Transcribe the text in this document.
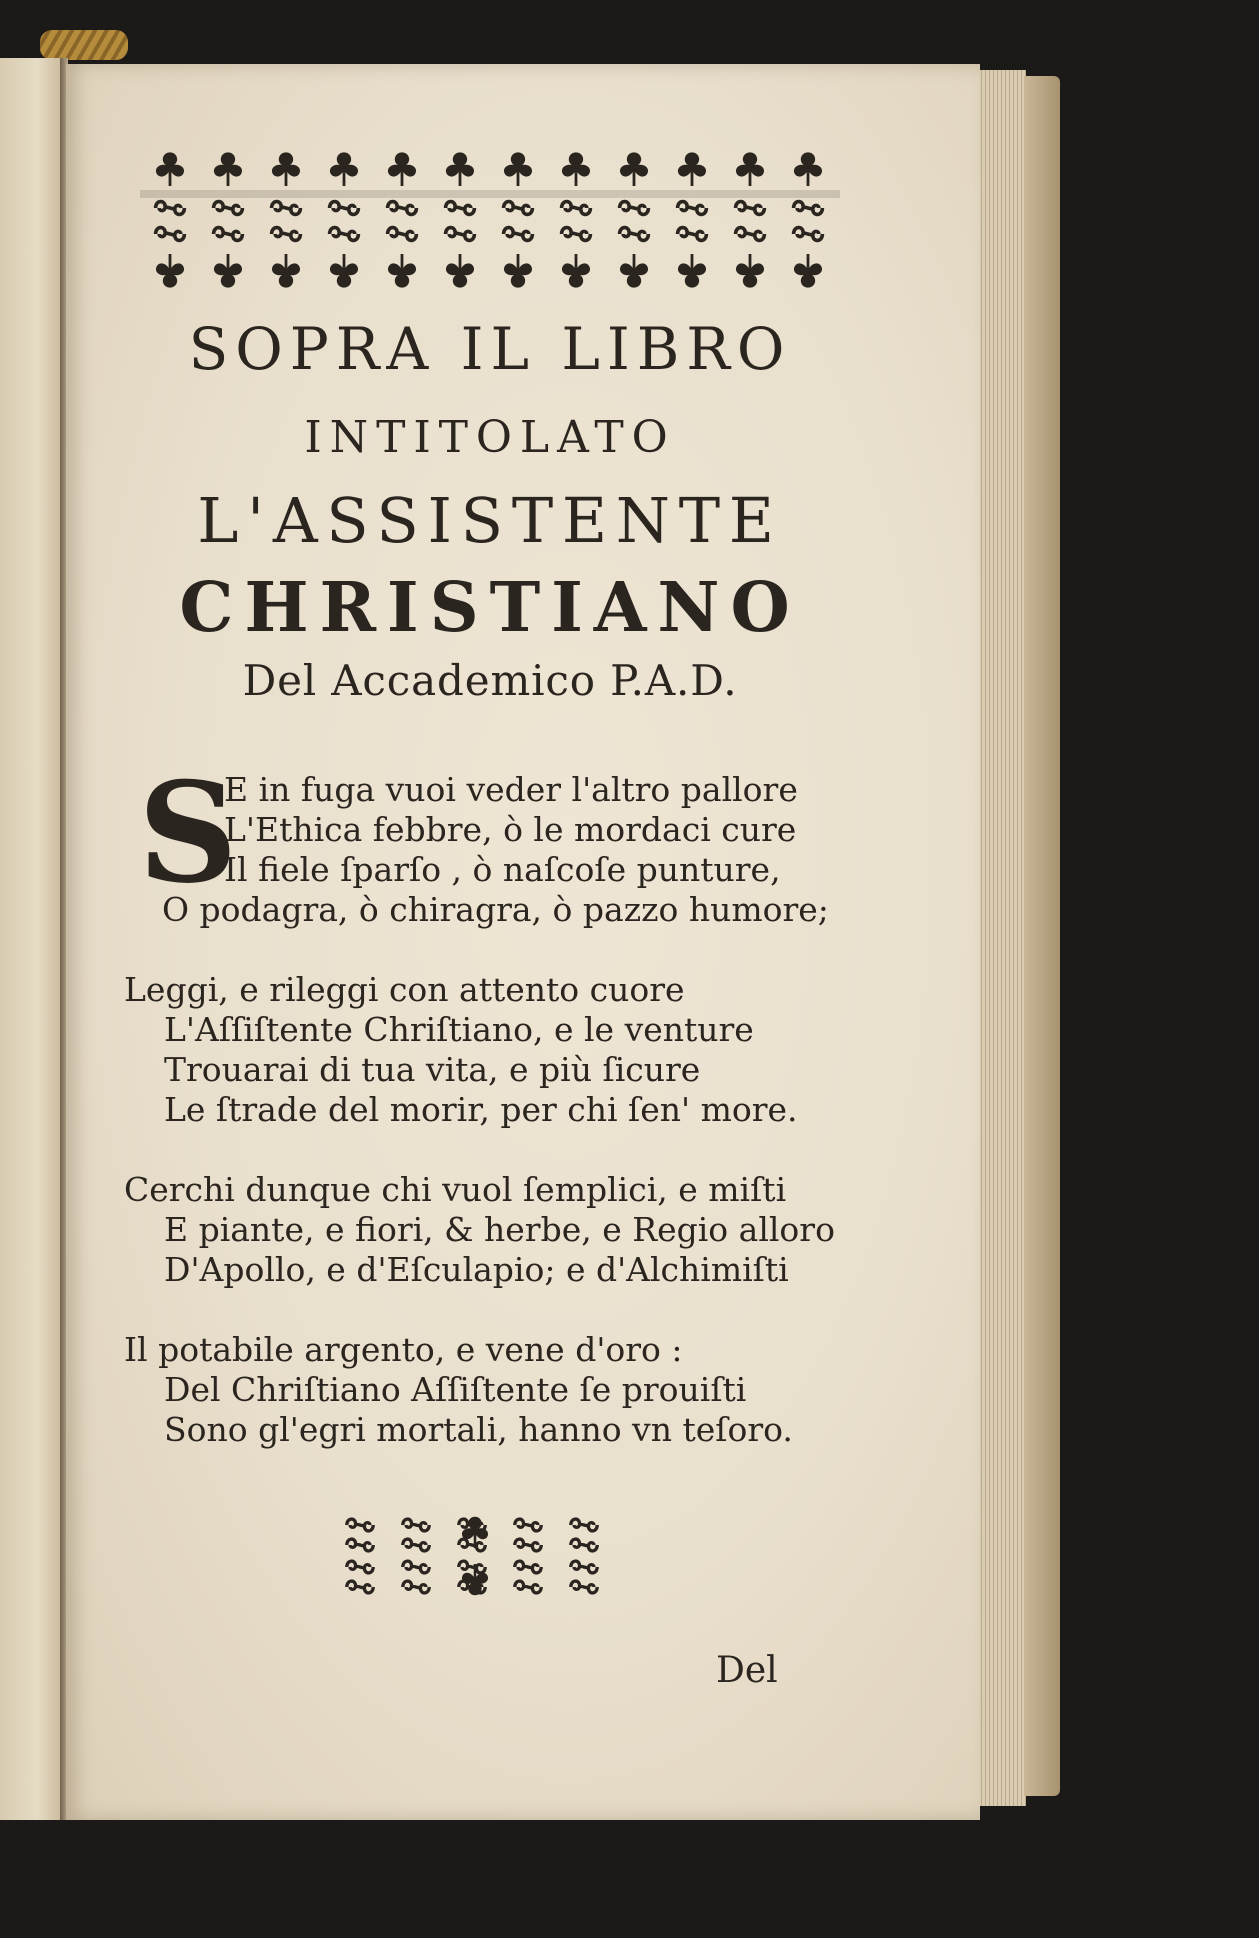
SOPRA IL LIBRO
INTITOLATO
L'ASSISTENTE
CHRISTIANO
Del Accademico P.A.D.
S
E in fuga vuoi veder l'altro pallore
L'Ethica febbre, ò le mordaci cure
Il fiele ſparſo , ò naſcoſe punture,
O podagra, ò chiragra, ò pazzo humore;
Leggi, e rileggi con attento cuore
L'Aſſiſtente Chriſtiano, e le venture
Trouarai di tua vita, e più ſicure
Le ſtrade del morir, per chi ſen' more.
Cerchi dunque chi vuol ſemplici, e miſti
E piante, e fiori, & herbe, e Regio alloro
D'Apollo, e d'Eſculapio; e d'Alchimiſti
Il potabile argento, e vene d'oro :
Del Chriſtiano Aſſiſtente ſe prouiſti
Sono gl'egri mortali, hanno vn teſoro.
Del
